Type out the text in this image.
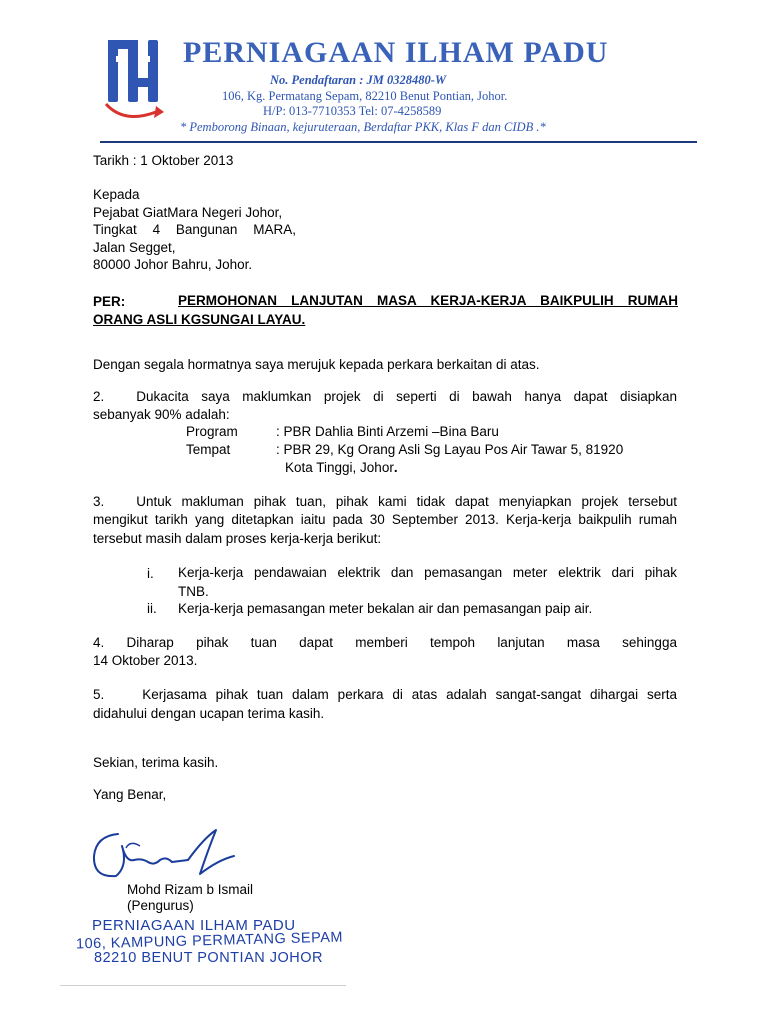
PERNIAGAAN ILHAM PADU
No. Pendaftaran : JM 0328480-W
106, Kg. Permatang Sepam, 82210 Benut Pontian, Johor.
H/P: 013-7710353 Tel: 07-4258589
* Pemborong Binaan, kejuruteraan, Berdaftar PKK, Klas F dan CIDB .*
Tarikh : 1 Oktober 2013
Kepada
Pejabat GiatMara Negeri Johor,
Tingkat 4 Bangunan MARA,
Jalan Segget,
80000 Johor Bahru, Johor.
PER:	PERMOHONAN LANJUTAN MASA KERJA-KERJA BAIKPULIH RUMAH
ORANG ASLI KGSUNGAI LAYAU.
Dengan segala hormatnya saya merujuk kepada perkara berkaitan di atas.
2. Dukacita saya maklumkan projek di seperti di bawah hanya dapat disiapkan
sebanyak 90% adalah:
Program	: PBR Dahlia Binti Arzemi –Bina Baru
Tempat	: PBR 29, Kg Orang Asli Sg Layau Pos Air Tawar 5, 81920
Kota Tinggi, Johor.
3. Untuk makluman pihak tuan, pihak kami tidak dapat menyiapkan projek tersebut
mengikut tarikh yang ditetapkan iaitu pada 30 September 2013. Kerja-kerja baikpulih rumah
tersebut masih dalam proses kerja-kerja berikut:
i. Kerja-kerja pendawaian elektrik dan pemasangan meter elektrik dari pihak
TNB.
ii. Kerja-kerja pemasangan meter bekalan air dan pemasangan paip air.
4. Diharap pihak tuan dapat memberi tempoh lanjutan masa sehingga
14 Oktober 2013.
5.	Kerjasama pihak tuan dalam perkara di atas adalah sangat-sangat dihargai serta
didahului dengan ucapan terima kasih.
Sekian, terima kasih.
Yang Benar,
Mohd Rizam b Ismail
(Pengurus)
PERNIAGAAN ILHAM PADU
106, KAMPUNG PERMATANG SEPAM
82210 BENUT PONTIAN JOHOR
